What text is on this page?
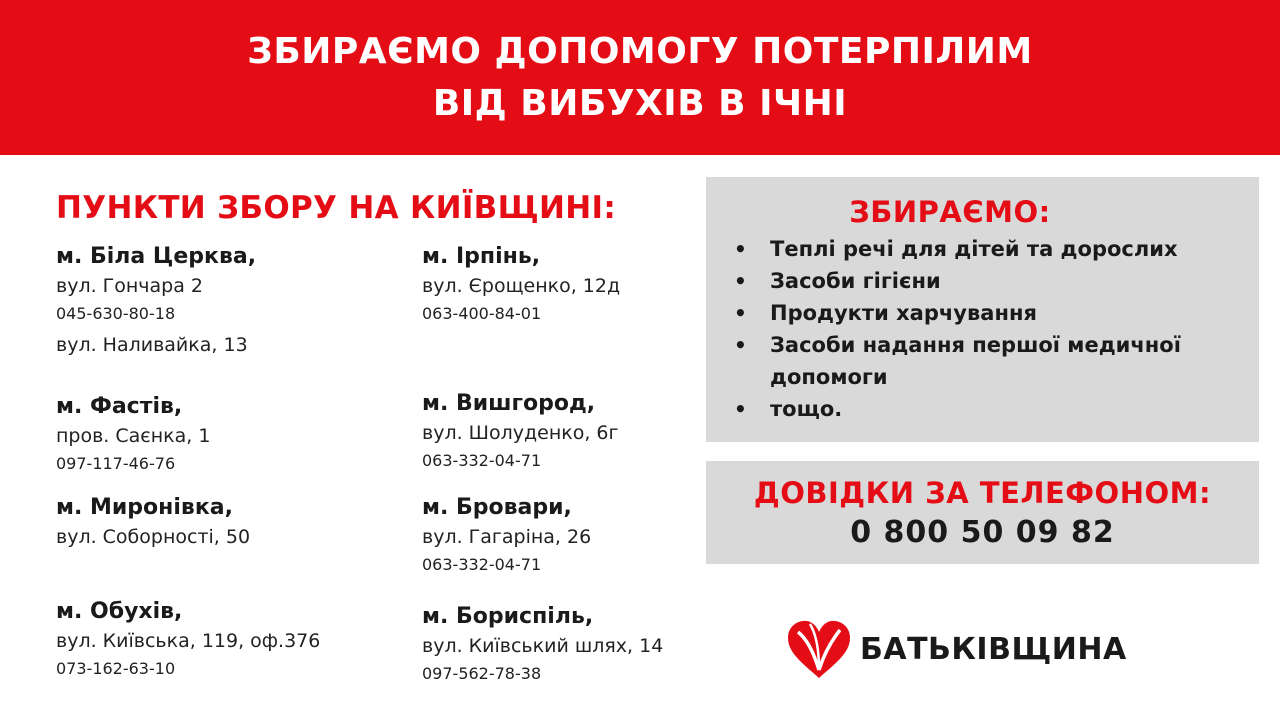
ЗБИРАЄМО ДОПОМОГУ ПОТЕРПІЛИМ
ВІД ВИБУХІВ В ІЧНІ
ПУНКТИ ЗБОРУ НА КИЇВЩИНІ:
м. Біла Церква,
вул. Гончара 2
045-630-80-18
вул. Наливайка, 13
м. Фастів,
пров. Саєнка, 1
097-117-46-76
м. Миронівка,
вул. Соборності, 50
м. Обухів,
вул. Київська, 119, оф.376
073-162-63-10
м. Ірпінь,
вул. Єрощенко, 12д
063-400-84-01
м. Вишгород,
вул. Шолуденко, 6г
063-332-04-71
м. Бровари,
вул. Гагаріна, 26
063-332-04-71
м. Бориспіль,
вул. Київський шлях, 14
097-562-78-38
ЗБИРАЄМО:
• Теплі речі для дітей та дорослих
• Засоби гігієни
• Продукти харчування
• Засоби надання першої медичної допомоги
• тощо.
ДОВІДКИ ЗА ТЕЛЕФОНОМ:
0 800 50 09 82
БАТЬКІВЩИНА
